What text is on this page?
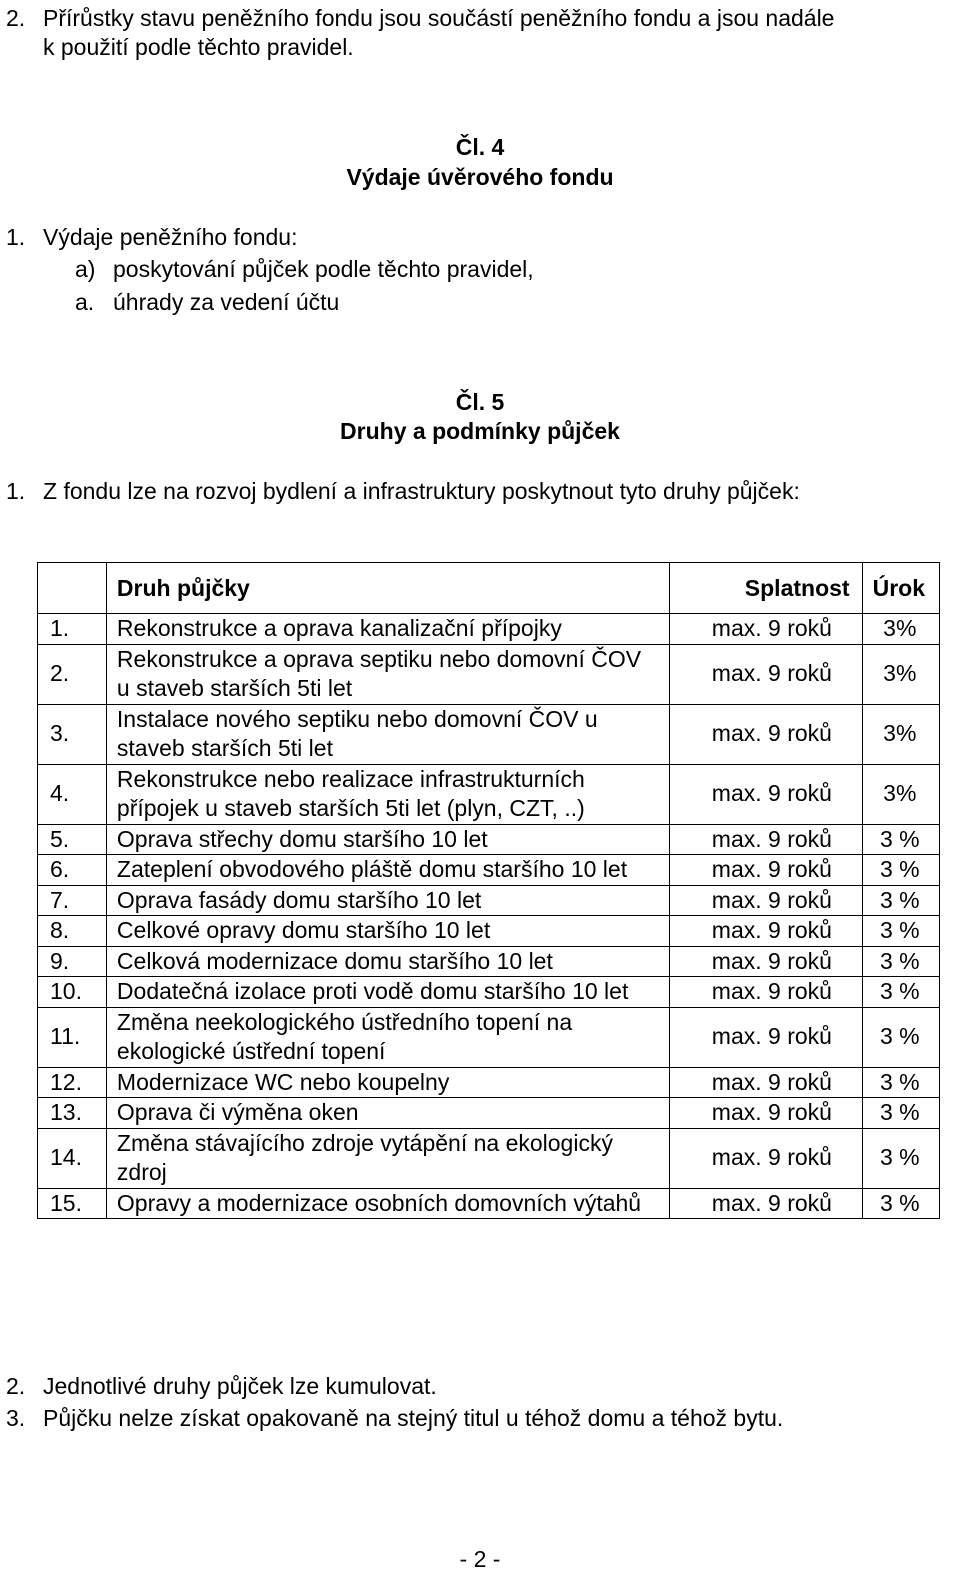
2. Přírůstky stavu peněžního fondu jsou součástí peněžního fondu a jsou nadále

k použití podle těchto pravidel.

Čl. 4

Výdaje úvěrového fondu

1. Výdaje peněžního fondu:

a) poskytování půjček podle těchto pravidel,

a. úhrady za vedení účtu

Čl. 5

Druhy a podmínky půjček

1. Z fondu lze na rozvoj bydlení a infrastruktury poskytnout tyto druhy půjček:

	Druh půjčky	Splatnost	Úrok
1.	Rekonstrukce a oprava kanalizační přípojky	max. 9 roků	3%
2.	Rekonstrukce a oprava septiku nebo domovní ČOV u staveb starších 5ti let	max. 9 roků	3%
3.	Instalace nového septiku nebo domovní ČOV u staveb starších 5ti let	max. 9 roků	3%
4.	Rekonstrukce nebo realizace infrastrukturních přípojek u staveb starších 5ti let (plyn, CZT, ..)	max. 9 roků	3%
5.	Oprava střechy domu staršího 10 let	max. 9 roků	3 %
6.	Zateplení obvodového pláště domu staršího 10 let	max. 9 roků	3 %
7.	Oprava fasády domu staršího 10 let	max. 9 roků	3 %
8.	Celkové opravy domu staršího 10 let	max. 9 roků	3 %
9.	Celková modernizace domu staršího 10 let	max. 9 roků	3 %
10.	Dodatečná izolace proti vodě domu staršího 10 let	max. 9 roků	3 %
11.	Změna neekologického ústředního topení na ekologické ústřední topení	max. 9 roků	3 %
12.	Modernizace WC nebo koupelny	max. 9 roků	3 %
13.	Oprava či výměna oken	max. 9 roků	3 %
14.	Změna stávajícího zdroje vytápění na ekologický zdroj	max. 9 roků	3 %
15.	Opravy a modernizace osobních domovních výtahů	max. 9 roků	3 %

2. Jednotlivé druhy půjček lze kumulovat.

3. Půjčku nelze získat opakovaně na stejný titul u téhož domu a téhož bytu.

- 2 -
